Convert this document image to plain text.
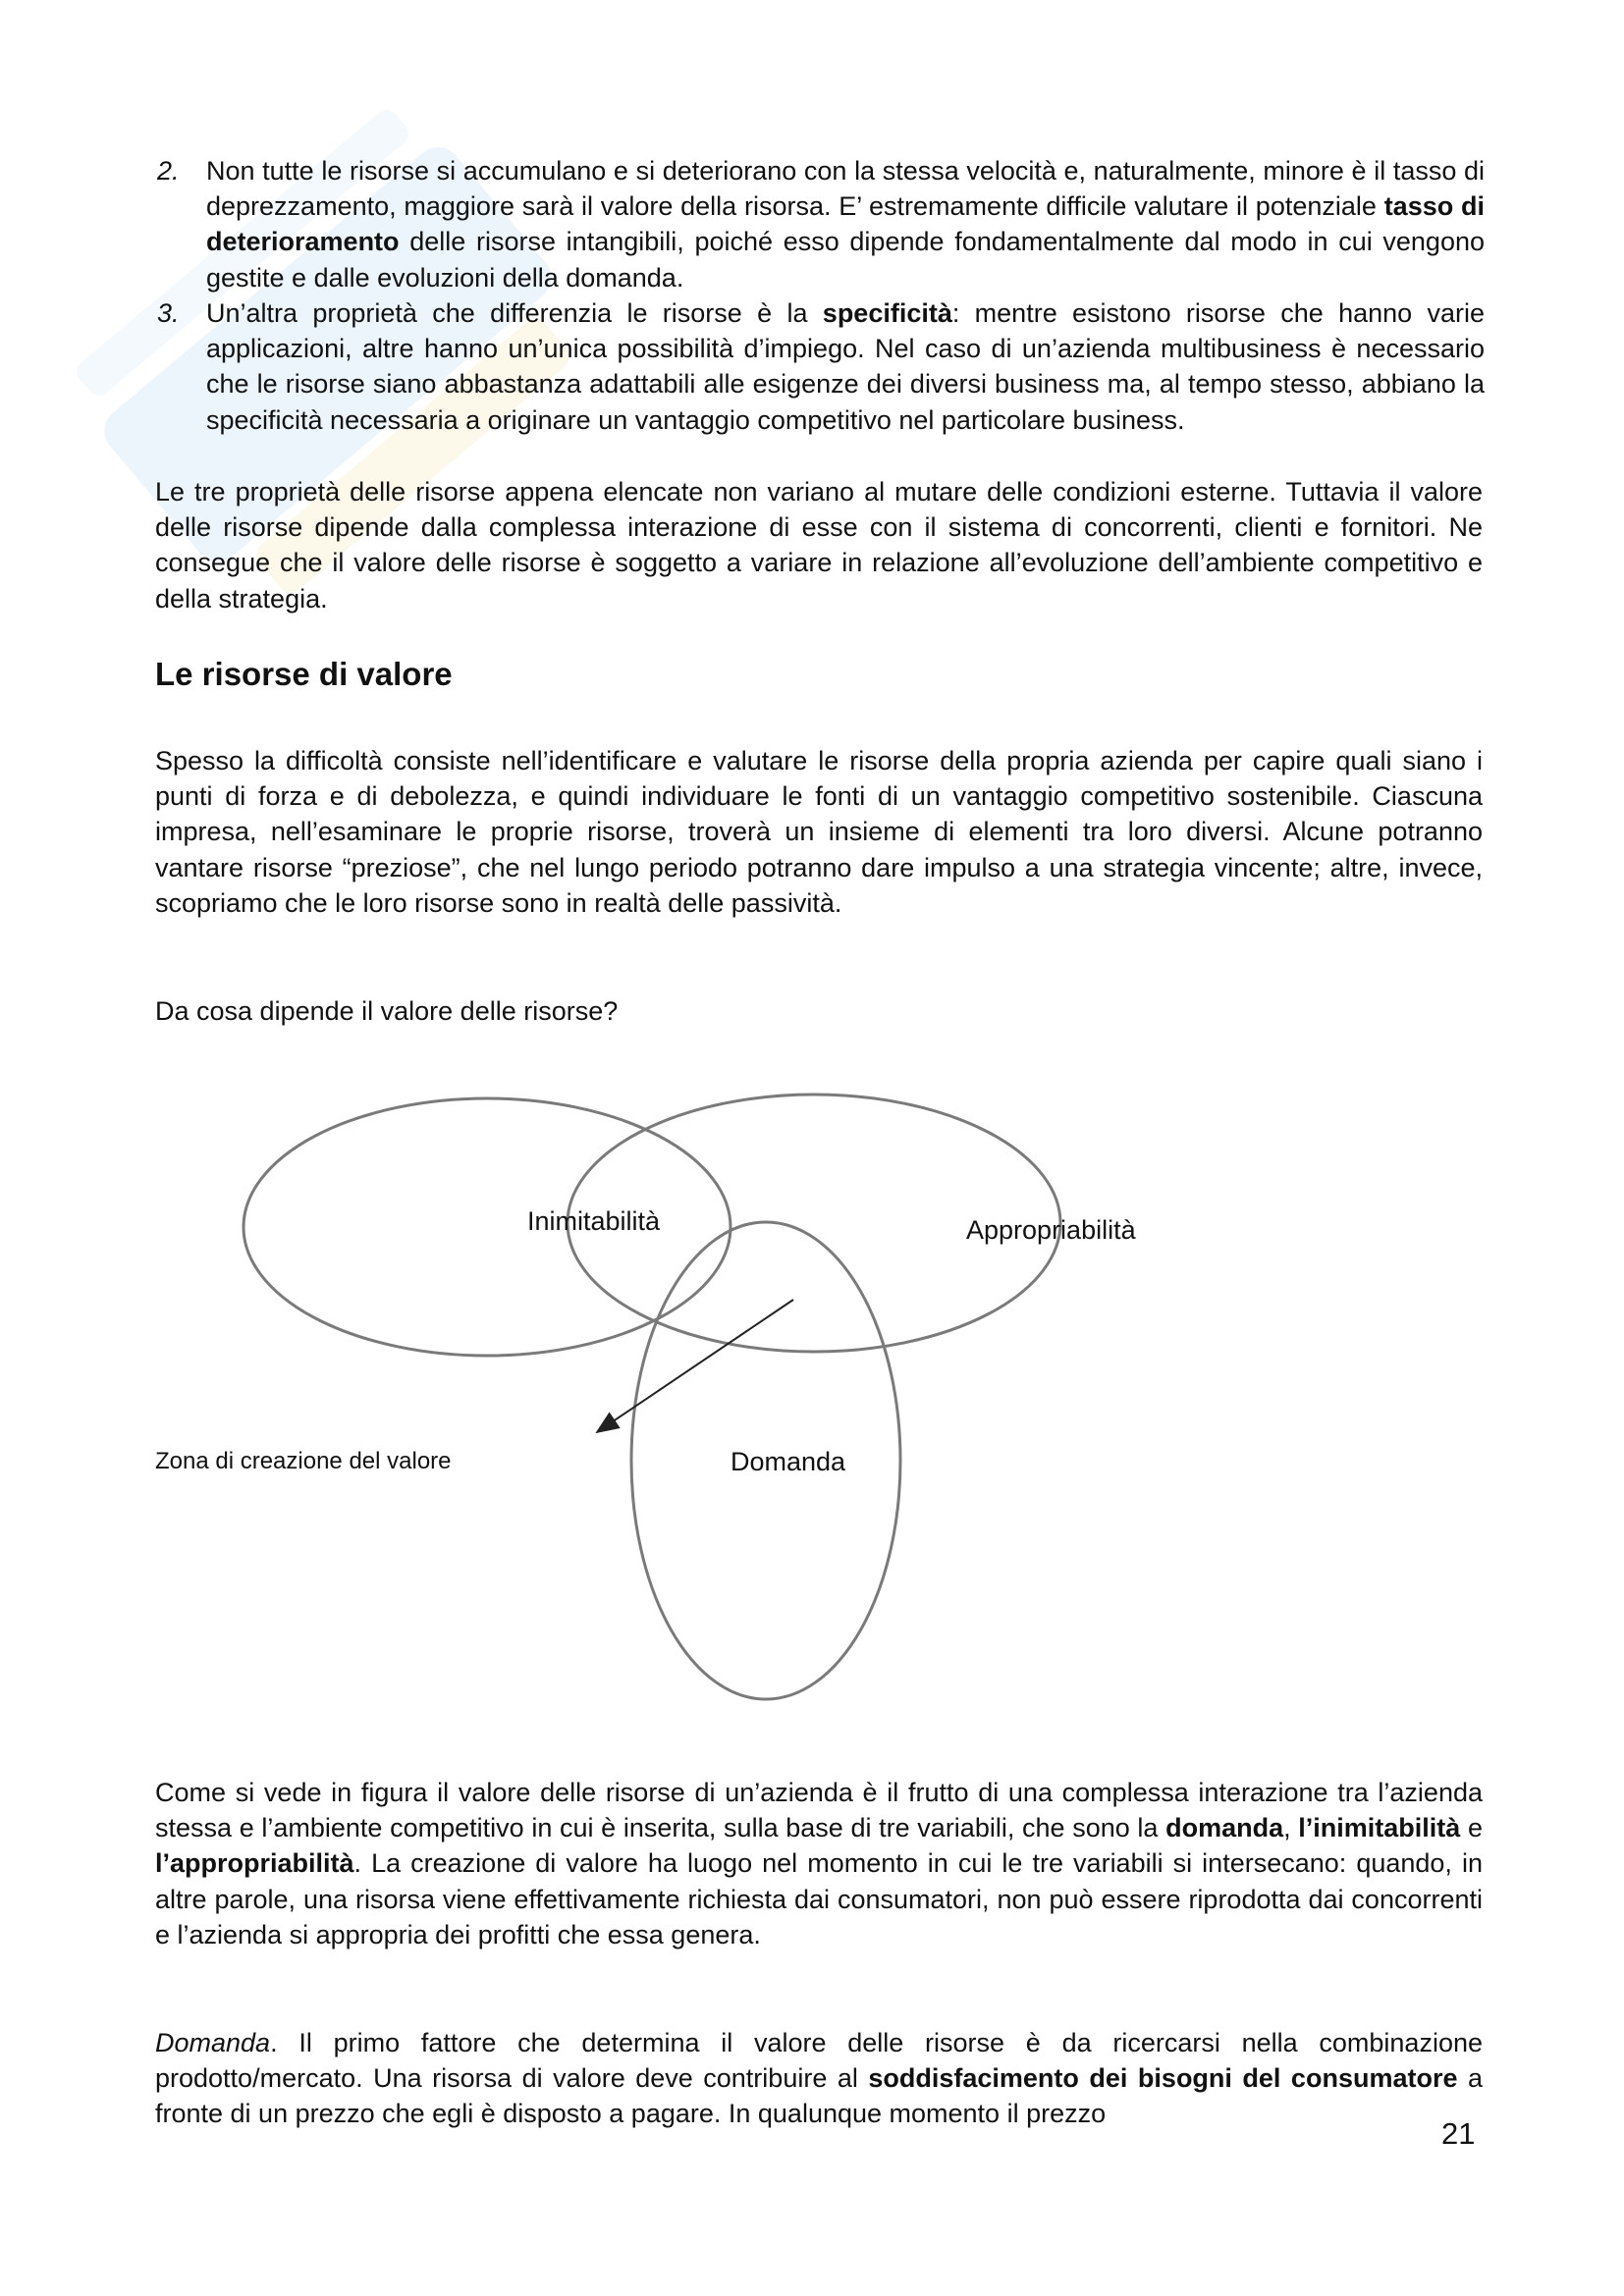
2. Non tutte le risorse si accumulano e si deteriorano con la stessa velocità e, naturalmente, minore è il tasso di deprezzamento, maggiore sarà il valore della risorsa. E’ estremamente difficile valutare il potenziale tasso di deterioramento delle risorse intangibili, poiché esso dipende fondamentalmente dal modo in cui vengono gestite e dalle evoluzioni della domanda.
3. Un’altra proprietà che differenzia le risorse è la specificità: mentre esistono risorse che hanno varie applicazioni, altre hanno un’unica possibilità d’impiego. Nel caso di un’azienda multibusiness è necessario che le risorse siano abbastanza adattabili alle esigenze dei diversi business ma, al tempo stesso, abbiano la specificità necessaria a originare un vantaggio competitivo nel particolare business.
Le tre proprietà delle risorse appena elencate non variano al mutare delle condizioni esterne. Tuttavia il valore delle risorse dipende dalla complessa interazione di esse con il sistema di concorrenti, clienti e fornitori. Ne consegue che il valore delle risorse è soggetto a variare in relazione all’evoluzione dell’ambiente competitivo e della strategia.
Le risorse di valore
Spesso la difficoltà consiste nell’identificare e valutare le risorse della propria azienda per capire quali siano i punti di forza e di debolezza, e quindi individuare le fonti di un vantaggio competitivo sostenibile. Ciascuna impresa, nell’esaminare le proprie risorse, troverà un insieme di elementi tra loro diversi. Alcune potranno vantare risorse “preziose”, che nel lungo periodo potranno dare impulso a una strategia vincente; altre, invece, scopriamo che le loro risorse sono in realtà delle passività.
Da cosa dipende il valore delle risorse?
Inimitabilità	Appropriabilità
Domanda
Zona di creazione del valore
Come si vede in figura il valore delle risorse di un’azienda è il frutto di una complessa interazione tra l’azienda stessa e l’ambiente competitivo in cui è inserita, sulla base di tre variabili, che sono la domanda, l’inimitabilità e l’appropriabilità. La creazione di valore ha luogo nel momento in cui le tre variabili si intersecano: quando, in altre parole, una risorsa viene effettivamente richiesta dai consumatori, non può essere riprodotta dai concorrenti e l’azienda si appropria dei profitti che essa genera.
Domanda. Il primo fattore che determina il valore delle risorse è da ricercarsi nella combinazione prodotto/mercato. Una risorsa di valore deve contribuire al soddisfacimento dei bisogni del consumatore a fronte di un prezzo che egli è disposto a pagare. In qualunque momento il prezzo
21
